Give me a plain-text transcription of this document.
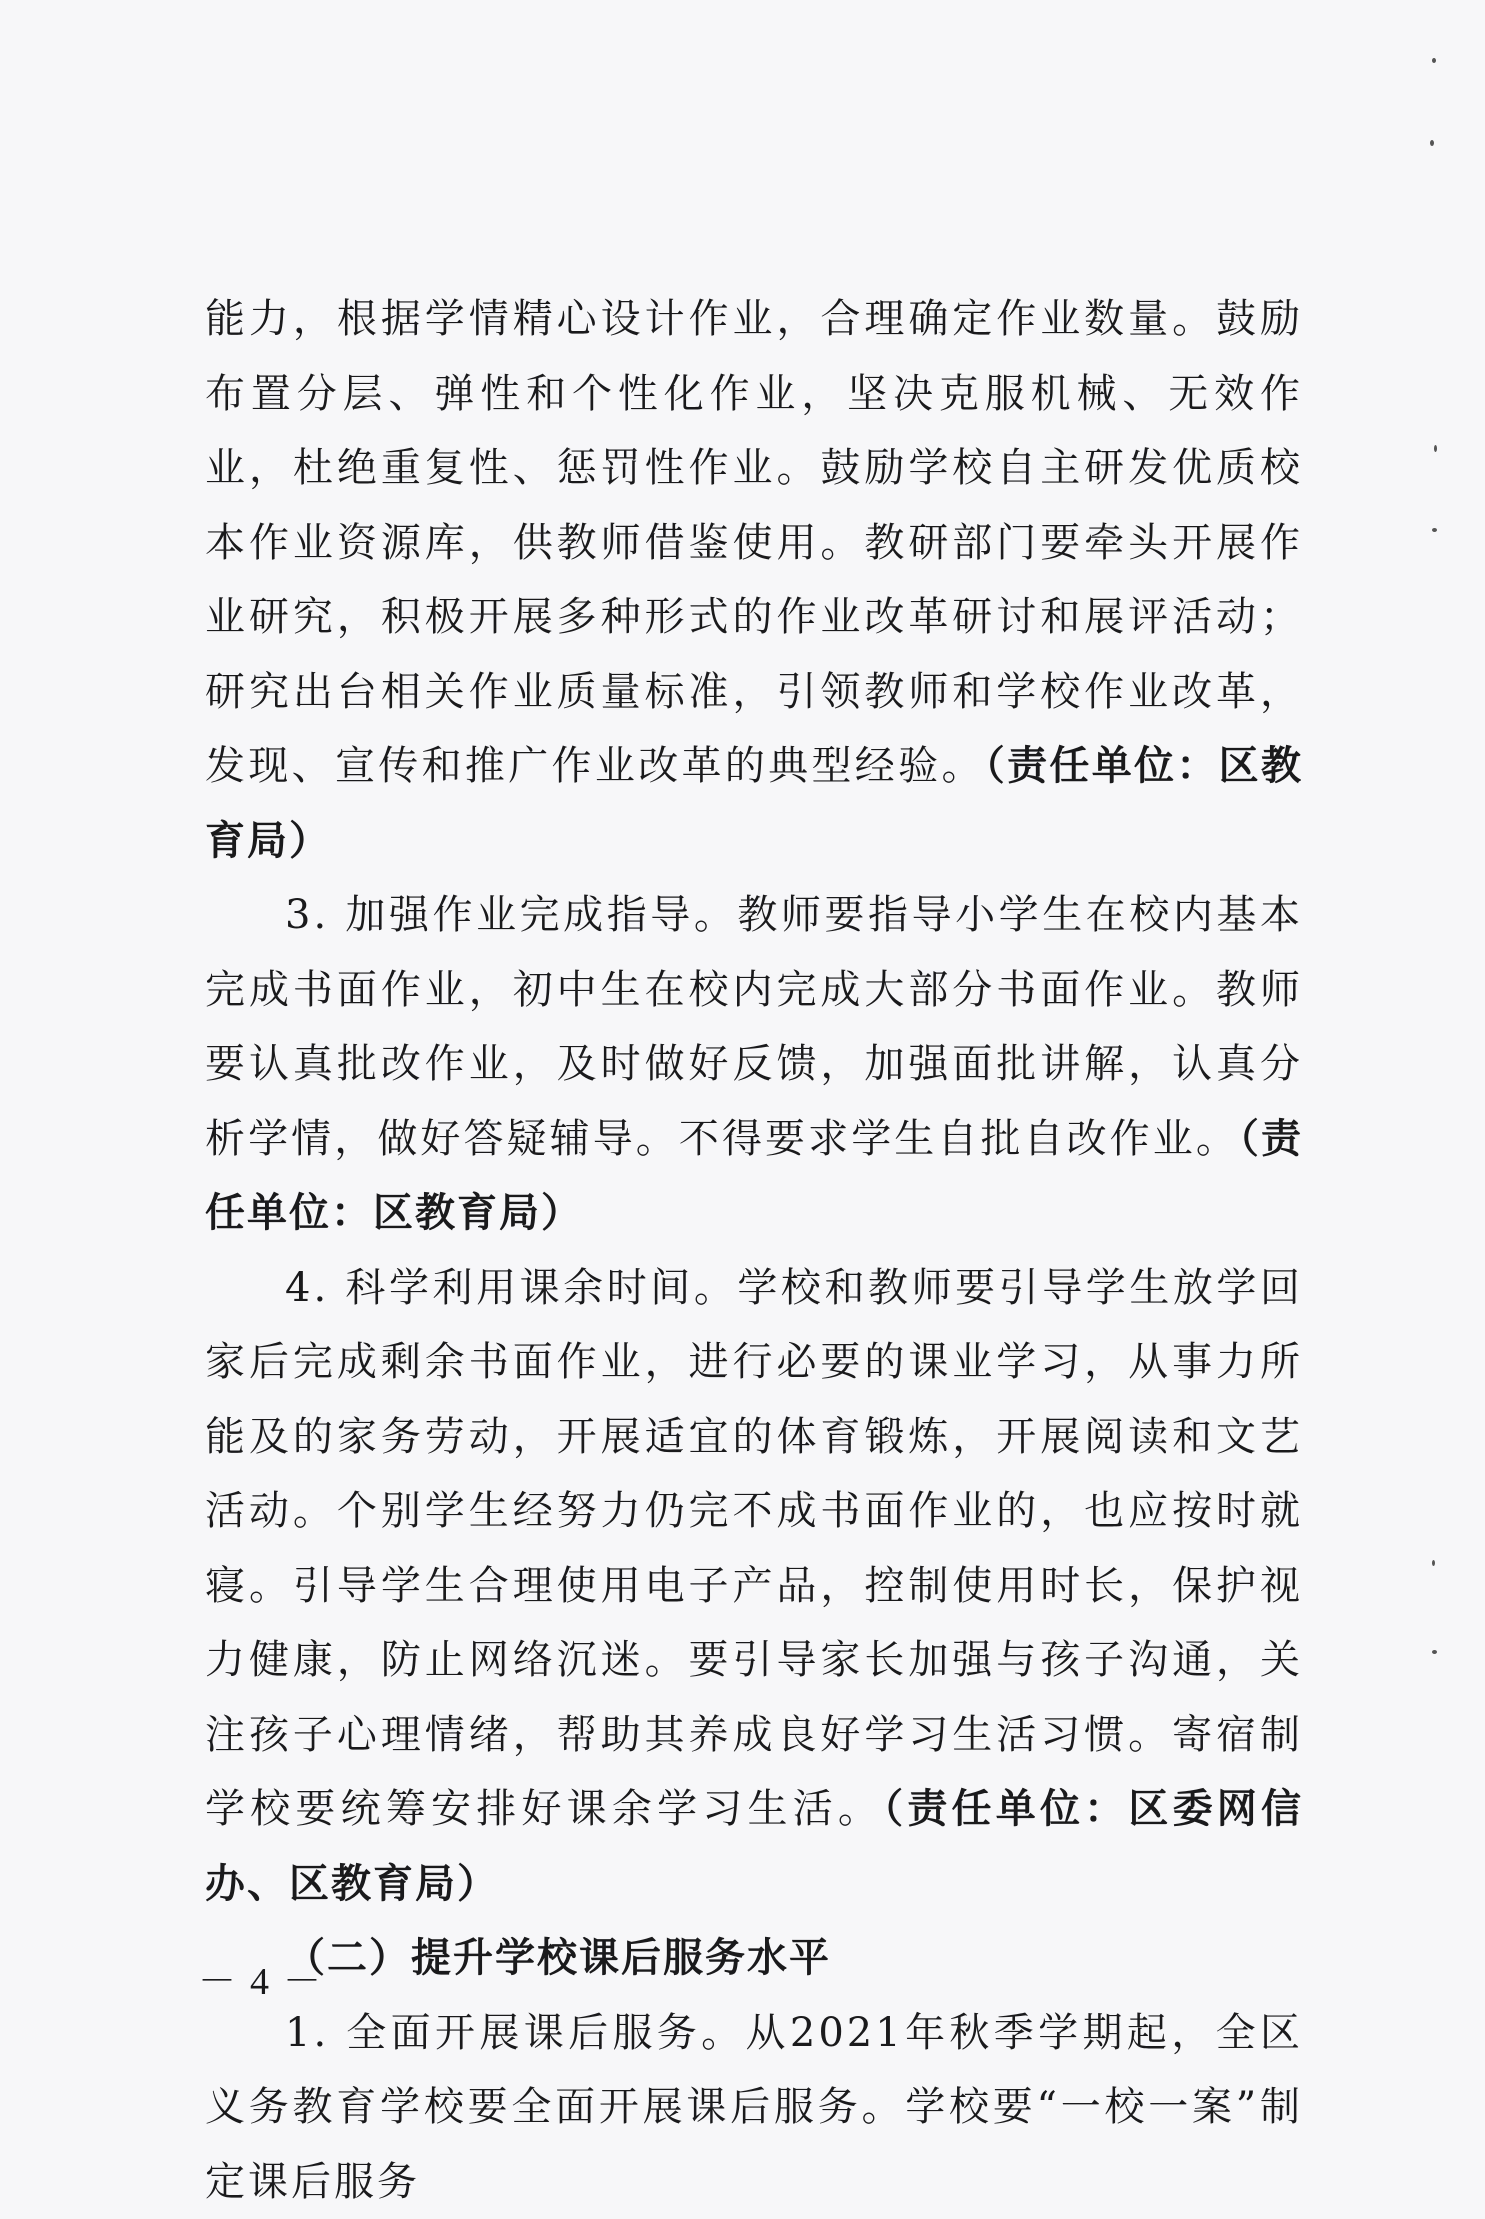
能力，根据学情精心设计作业，合理确定作业数量。鼓励布置分层、弹性和个性化作业，坚决克服机械、无效作业，杜绝重复性、惩罚性作业。鼓励学校自主研发优质校本作业资源库，供教师借鉴使用。教研部门要牵头开展作业研究，积极开展多种形式的作业改革研讨和展评活动；研究出台相关作业质量标准，引领教师和学校作业改革，发现、宣传和推广作业改革的典型经验。（责任单位：区教育局）

3. 加强作业完成指导。教师要指导小学生在校内基本完成书面作业，初中生在校内完成大部分书面作业。教师要认真批改作业，及时做好反馈，加强面批讲解，认真分析学情，做好答疑辅导。不得要求学生自批自改作业。（责任单位：区教育局）

4. 科学利用课余时间。学校和教师要引导学生放学回家后完成剩余书面作业，进行必要的课业学习，从事力所能及的家务劳动，开展适宜的体育锻炼，开展阅读和文艺活动。个别学生经努力仍完不成书面作业的，也应按时就寝。引导学生合理使用电子产品，控制使用时长，保护视力健康，防止网络沉迷。要引导家长加强与孩子沟通，关注孩子心理情绪，帮助其养成良好学习生活习惯。寄宿制学校要统筹安排好课余学习生活。（责任单位：区委网信办、区教育局）

（二）提升学校课后服务水平

1. 全面开展课后服务。从2021年秋季学期起，全区义务教育学校要全面开展课后服务。学校要“一校一案”制定课后服务

－4－
